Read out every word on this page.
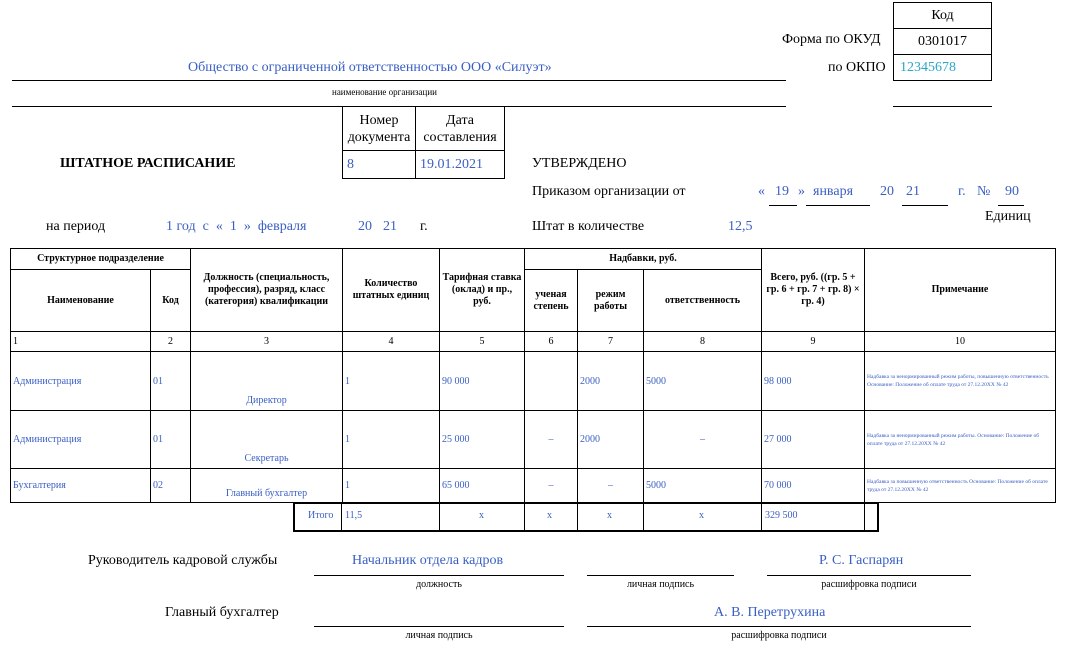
Код
Форма по ОКУД	0301017
по ОКПО	12345678
Общество с ограниченной ответственностью ООО «Силуэт»
наименование организации
Номер документа
Дата составления
8	19.01.2021
ШТАТНОЕ РАСПИСАНИЕ	УТВЕРЖДЕНО
Приказом организации от	« 19 » января 20 21	г. № 90
Единиц
Штат в количестве	12,5
на период	1 год  с  «  1  »  февраля	20 21 г.
Структурное подразделение		Должность (специальность, профессия), разряд, класс (категория) квалификации	Количество штатных единиц	Тарифная ставка (оклад) и пр., руб.	Надбавки, руб.			Всего, руб. ((гр. 5 + гр. 6 + гр. 7 + гр. 8) × гр. 4)	Примечание
Наименование	Код				ученая степень	режим работы	ответственность		
1	2	3	4	5	6	7	8	9	10
Администрация	01	Директор	1	90 000		2000	5000	98 000	Надбавка за ненормированный режим работы, повышенную ответственность Основание: Положение об оплате труда от 27.12.20XX № 42
Администрация	01	Секретарь	1	25 000	–	2000	–	27 000	Надбавка за ненормированный режим работы. Основание: Положение об оплате труда от 27.12.20XX № 42
Бухгалтерия	02	Главный бухгалтер	1	65 000	–	–	5000	70 000	Надбавка за повышенную ответственность Основание: Положение об оплате труда от 27.12.20XX № 42
Итого 11,5	x	x	x	x	329 500
Руководитель кадровой службы	Начальник отдела кадров	Р. С. Гаспарян
должность	личная подпись	расшифровка подписи
Главный бухгалтер	А. В. Перетрухина
личная подпись	расшифровка подписи
